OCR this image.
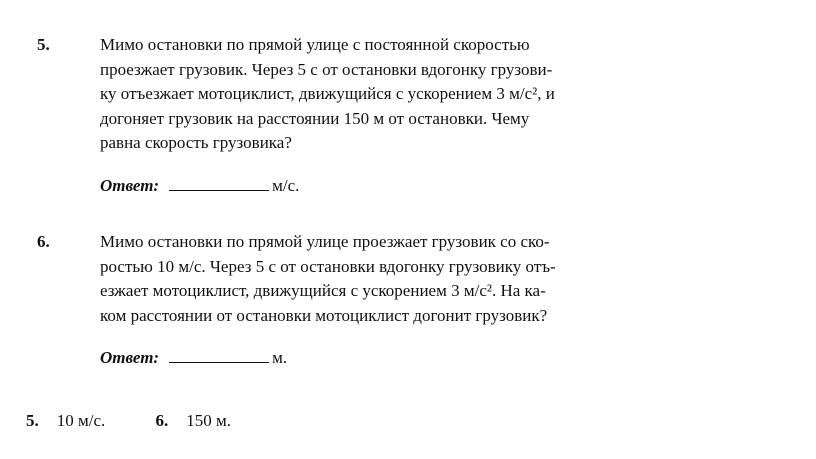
5.	Мимо остановки по прямой улице с постоянной скоростью
проезжает грузовик. Через 5 с от остановки вдогонку грузови-
ку отъезжает мотоциклист, движущийся с ускорением 3 м/с², и
догоняет грузовик на расстоянии 150 м от остановки. Чему
равна скорость грузовика?
Ответ:	м/с.
6.	Мимо остановки по прямой улице проезжает грузовик со ско-
ростью 10 м/с. Через 5 с от остановки вдогонку грузовику отъ-
езжает мотоциклист, движущийся с ускорением 3 м/с². На ка-
ком расстоянии от остановки мотоциклист догонит грузовик?
Ответ:	м.
5. 10 м/с.	6. 150 м.
